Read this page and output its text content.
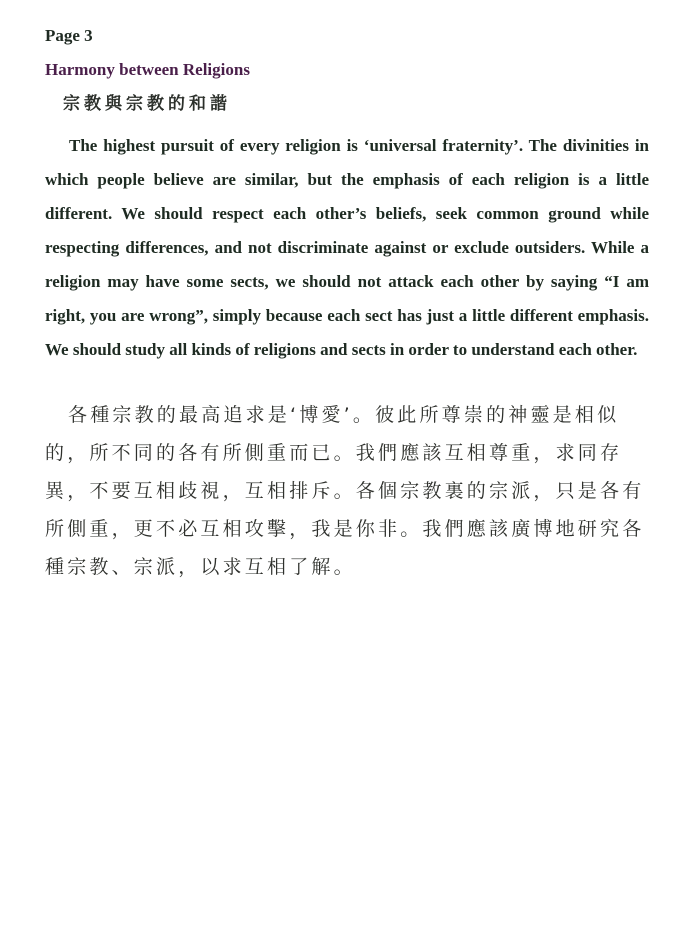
Page 3

Harmony between Religions
宗教與宗教的和諧

The highest pursuit of every religion is ‘universal fraternity’. The divinities in which people believe are similar, but the emphasis of each religion is a little different. We should respect each other’s beliefs, seek common ground while respecting differences, and not discriminate against or exclude outsiders. While a religion may have some sects, we should not attack each other by saying “I am right, you are wrong”, simply because each sect has just a little different emphasis. We should study all kinds of religions and sects in order to understand each other.

各種宗教的最高追求是‘博愛’。彼此所尊崇的神靈是相似的，所不同的各有所側重而已。我們應該互相尊重，求同存異，不要互相歧視，互相排斥。各個宗教裏的宗派，只是各有所側重，更不必互相攻擊，我是你非。我們應該廣博地研究各種宗教、宗派，以求互相了解。
